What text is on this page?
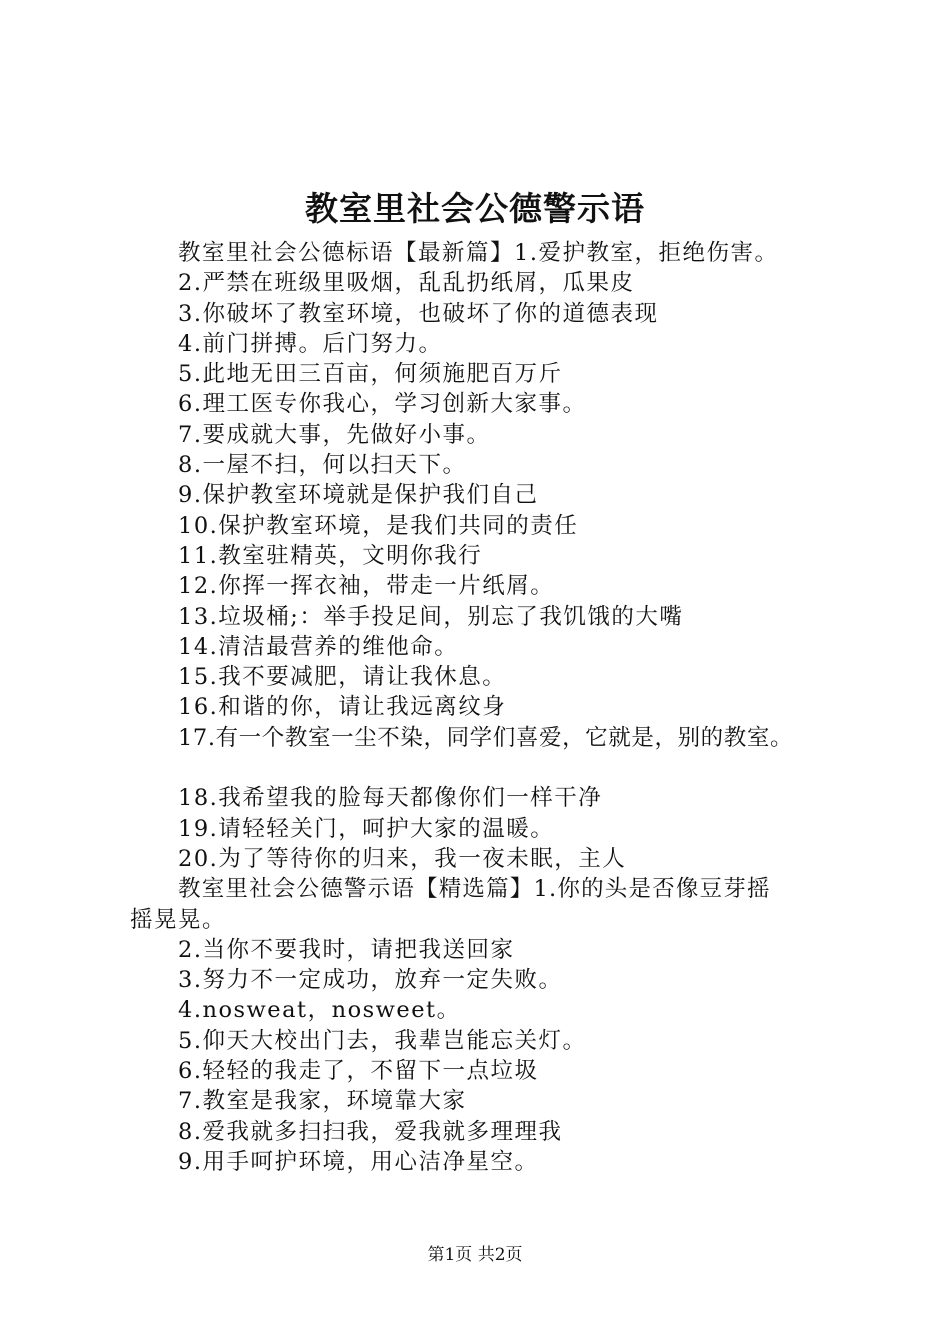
教室里社会公德警示语
教室里社会公德标语【最新篇】1.爱护教室，拒绝伤害。
2.严禁在班级里吸烟，乱乱扔纸屑，瓜果皮
3.你破坏了教室环境，也破坏了你的道德表现
4.前门拼搏。后门努力。
5.此地无田三百亩，何须施肥百万斤
6.理工医专你我心，学习创新大家事。
7.要成就大事，先做好小事。
8.一屋不扫，何以扫天下。
9.保护教室环境就是保护我们自己
10.保护教室环境，是我们共同的责任
11.教室驻精英，文明你我行
12.你挥一挥衣袖，带走一片纸屑。
13.垃圾桶;：举手投足间，别忘了我饥饿的大嘴
14.清洁最营养的维他命。
15.我不要减肥，请让我休息。
16.和谐的你，请让我远离纹身
17.有一个教室一尘不染，同学们喜爱，它就是，别的教室。
18.我希望我的脸每天都像你们一样干净
19.请轻轻关门，呵护大家的温暖。
20.为了等待你的归来，我一夜未眠，主人
教室里社会公德警示语【精选篇】1.你的头是否像豆芽摇
摇晃晃。
2.当你不要我时，请把我送回家
3.努力不一定成功，放弃一定失败。
4.nosweat，nosweet。
5.仰天大校出门去，我辈岂能忘关灯。
6.轻轻的我走了，不留下一点垃圾
7.教室是我家，环境靠大家
8.爱我就多扫扫我，爱我就多理理我
9.用手呵护环境，用心洁净星空。
第1页 共2页
